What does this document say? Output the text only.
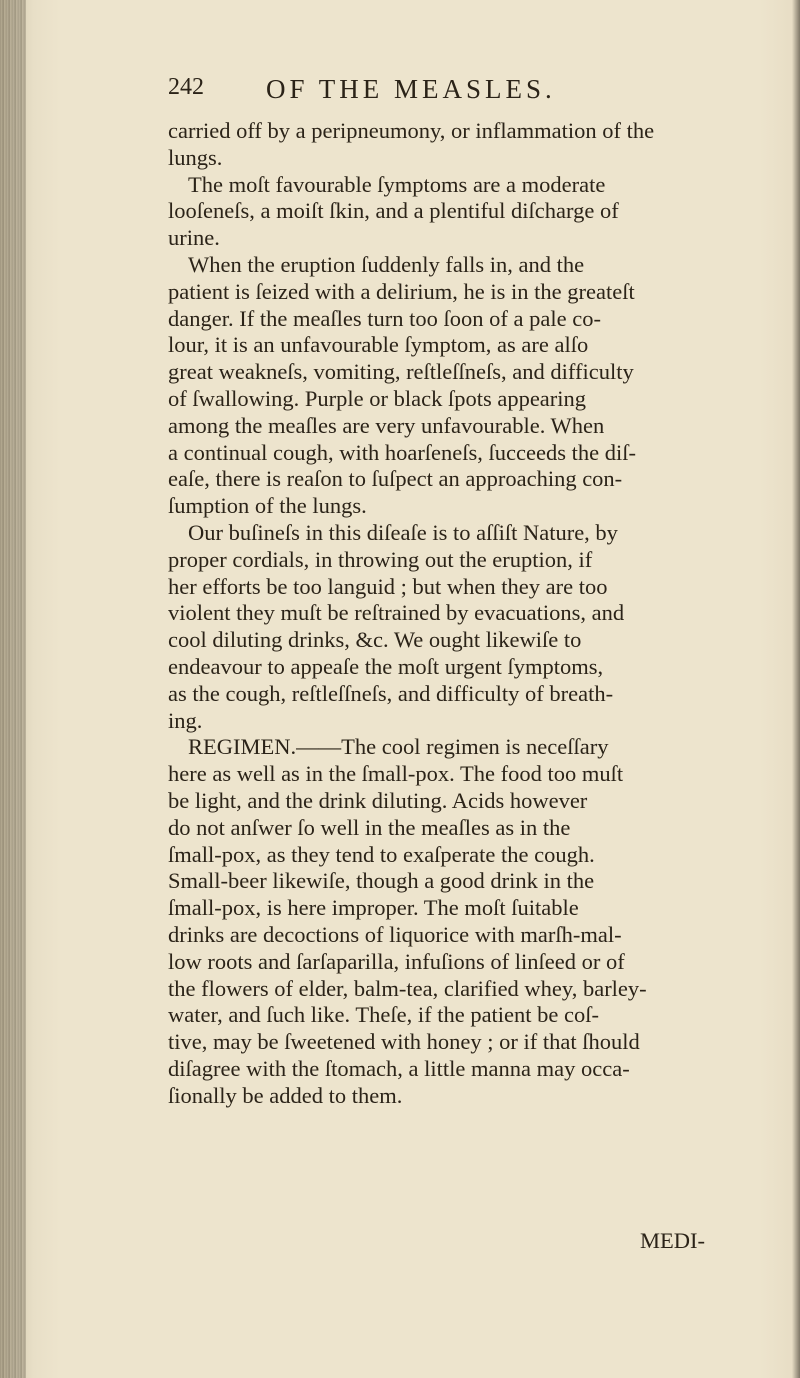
242 OF THE MEASLES.
carried off by a peripneumony, or inflammation of the
lungs.
The moſt favourable ſymptoms are a moderate
looſeneſs, a moiſt ſkin, and a plentiful diſcharge of
urine.
When the eruption ſuddenly falls in, and the
patient is ſeized with a delirium, he is in the greateſt
danger. If the meaſles turn too ſoon of a pale co-
lour, it is an unfavourable ſymptom, as are alſo
great weakneſs, vomiting, reſtleſſneſs, and difficulty
of ſwallowing. Purple or black ſpots appearing
among the meaſles are very unfavourable. When
a continual cough, with hoarſeneſs, ſucceeds the diſ-
eaſe, there is reaſon to ſuſpect an approaching con-
ſumption of the lungs.
Our buſineſs in this diſeaſe is to aſſiſt Nature, by
proper cordials, in throwing out the eruption, if
her efforts be too languid ; but when they are too
violent they muſt be reſtrained by evacuations, and
cool diluting drinks, &c. We ought likewiſe to
endeavour to appeaſe the moſt urgent ſymptoms,
as the cough, reſtleſſneſs, and difficulty of breath-
ing.
REGIMEN.——The cool regimen is neceſſary
here as well as in the ſmall-pox. The food too muſt
be light, and the drink diluting. Acids however
do not anſwer ſo well in the meaſles as in the
ſmall-pox, as they tend to exaſperate the cough.
Small-beer likewiſe, though a good drink in the
ſmall-pox, is here improper. The moſt ſuitable
drinks are decoctions of liquorice with marſh-mal-
low roots and ſarſaparilla, infuſions of linſeed or of
the flowers of elder, balm-tea, clarified whey, barley-
water, and ſuch like. Theſe, if the patient be coſ-
tive, may be ſweetened with honey ; or if that ſhould
diſagree with the ſtomach, a little manna may occa-
ſionally be added to them.
MEDI-
